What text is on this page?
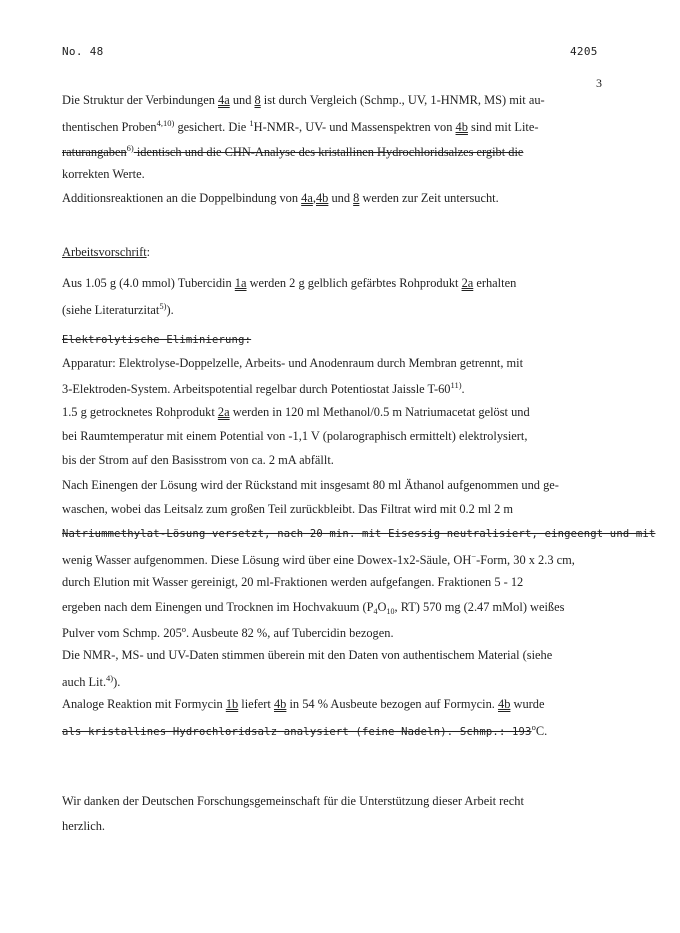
No. 48	4205
3
Die Struktur der Verbindungen 4a und 8 ist durch Vergleich (Schmp., UV, 1-HNMR, MS) mit au-
thentischen Proben$^{4,10)}$ gesichert. Die $^1$H-NMR-, UV- und Massenspektren von 4b sind mit Lite-
raturangaben$^{6)}$ identisch und die CHN-Analyse des kristallinen Hydrochloridsalzes ergibt die
korrekten Werte.
Additionsreaktionen an die Doppelbindung von 4a,4b und 8 werden zur Zeit untersucht.
Arbeitsvorschrift:
Aus 1.05 g (4.0 mmol) Tubercidin 1a werden 2 g gelblich gefärbtes Rohprodukt 2a erhalten
(siehe Literaturzitat$^{5)}$).
Elektrolytische Eliminierung:
Apparatur: Elektrolyse-Doppelzelle, Arbeits- und Anodenraum durch Membran getrennt, mit
3-Elektroden-System. Arbeitspotential regelbar durch Potentiostat Jaissle T-60$^{11)}$.
1.5 g getrocknetes Rohprodukt 2a werden in 120 ml Methanol/0.5 m Natriumacetat gelöst und
bei Raumtemperatur mit einem Potential von -1,1 V (polarographisch ermittelt) elektrolysiert,
bis der Strom auf den Basisstrom von ca. 2 mA abfällt.
Nach Einengen der Lösung wird der Rückstand mit insgesamt 80 ml Äthanol aufgenommen und ge-
waschen, wobei das Leitsalz zum großen Teil zurückbleibt. Das Filtrat wird mit 0.2 ml 2 m
Natriummethylat-Lösung versetzt, nach 20 min. mit Eisessig neutralisiert, eingeengt und mit
wenig Wasser aufgenommen. Diese Lösung wird über eine Dowex-1x2-Säule, OH−-Form, 30 x 2.3 cm,
durch Elution mit Wasser gereinigt, 20 ml-Fraktionen werden aufgefangen. Fraktionen 5 - 12
ergeben nach dem Einengen und Trocknen im Hochvakuum ($P_4O_{10}$, RT) 570 mg (2.47 mMol) weißes
Pulver vom Schmp. 205$^o$. Ausbeute 82 %, auf Tubercidin bezogen.
Die NMR-, MS- und UV-Daten stimmen überein mit den Daten von authentischem Material (siehe
auch Lit.$^{4)}$).
Analoge Reaktion mit Formycin 1b liefert 4b in 54 % Ausbeute bezogen auf Formycin. 4b wurde
als kristallines Hydrochloridsalz analysiert (feine Nadeln). Schmp.: 193$^o$C.
Wir danken der Deutschen Forschungsgemeinschaft für die Unterstützung dieser Arbeit recht
herzlich.
